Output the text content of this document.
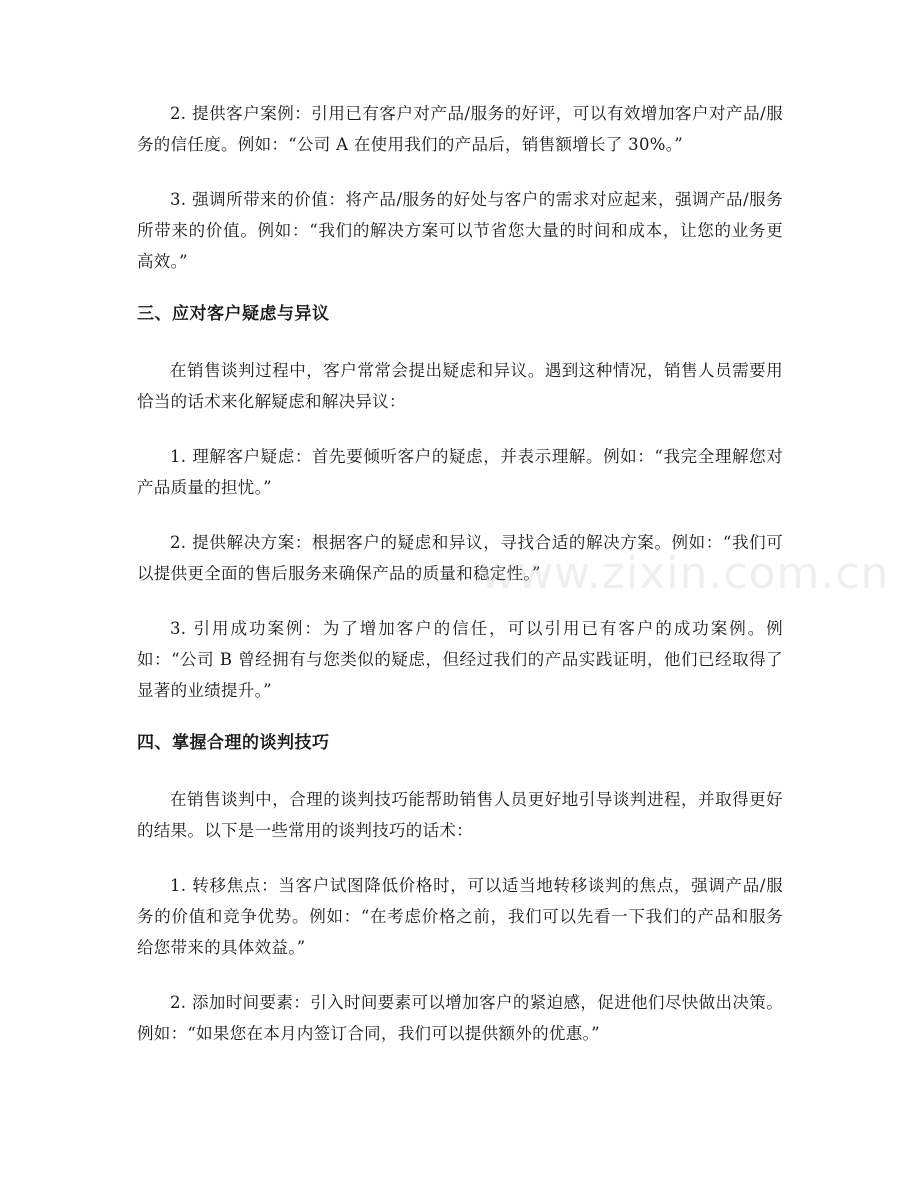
2. 提供客户案例：引用已有客户对产品/服务的好评，可以有效增加客户对产品/服务的信任度。例如：“公司 A 在使用我们的产品后，销售额增长了 30%。”

3. 强调所带来的价值：将产品/服务的好处与客户的需求对应起来，强调产品/服务所带来的价值。例如：“我们的解决方案可以节省您大量的时间和成本，让您的业务更高效。”

三、应对客户疑虑与异议

在销售谈判过程中，客户常常会提出疑虑和异议。遇到这种情况，销售人员需要用恰当的话术来化解疑虑和解决异议：

1. 理解客户疑虑：首先要倾听客户的疑虑，并表示理解。例如：“我完全理解您对产品质量的担忧。”

2. 提供解决方案：根据客户的疑虑和异议，寻找合适的解决方案。例如：“我们可以提供更全面的售后服务来确保产品的质量和稳定性。”

3. 引用成功案例：为了增加客户的信任，可以引用已有客户的成功案例。例如：“公司 B 曾经拥有与您类似的疑虑，但经过我们的产品实践证明，他们已经取得了显著的业绩提升。”

四、掌握合理的谈判技巧

在销售谈判中，合理的谈判技巧能帮助销售人员更好地引导谈判进程，并取得更好的结果。以下是一些常用的谈判技巧的话术：

1. 转移焦点：当客户试图降低价格时，可以适当地转移谈判的焦点，强调产品/服务的价值和竞争优势。例如：“在考虑价格之前，我们可以先看一下我们的产品和服务给您带来的具体效益。”

2. 添加时间要素：引入时间要素可以增加客户的紧迫感，促进他们尽快做出决策。例如：“如果您在本月内签订合同，我们可以提供额外的优惠。”

www.zixin.com.cn
